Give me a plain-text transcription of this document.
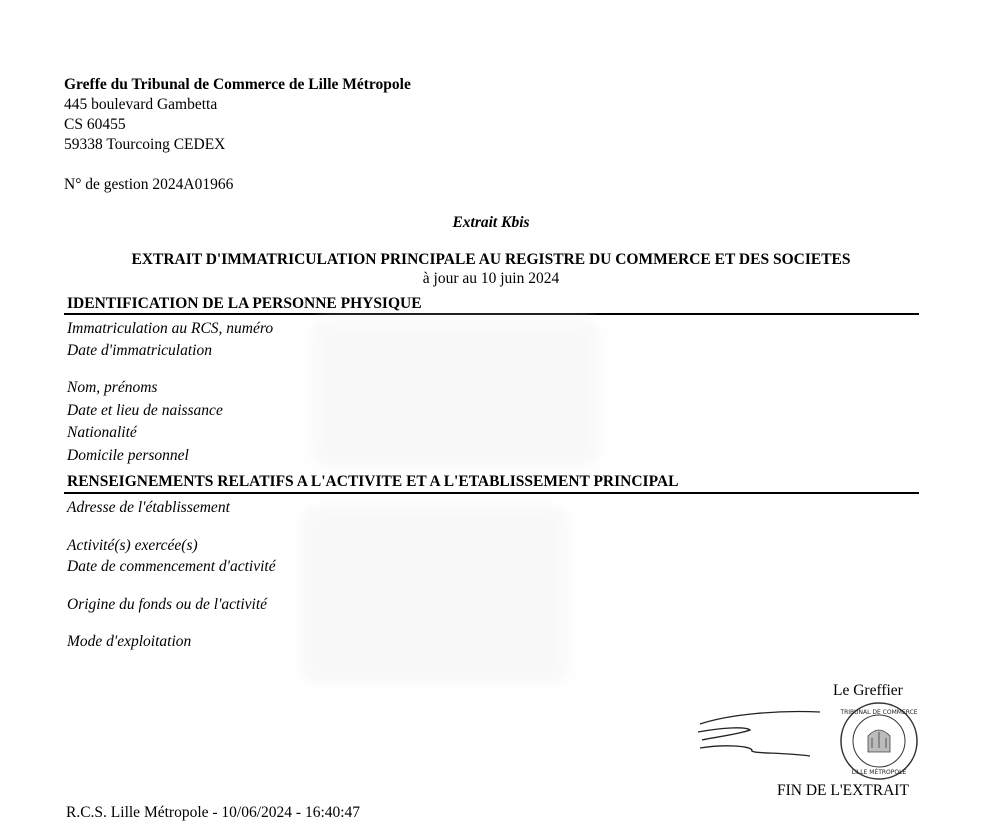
Greffe du Tribunal de Commerce de Lille Métropole
445 boulevard Gambetta
CS 60455
59338 Tourcoing CEDEX
N° de gestion 2024A01966
Extrait Kbis
EXTRAIT D'IMMATRICULATION PRINCIPALE AU REGISTRE DU COMMERCE ET DES SOCIETES
à jour au 10 juin 2024
IDENTIFICATION DE LA PERSONNE PHYSIQUE
Immatriculation au RCS, numéro
Date d'immatriculation
Nom, prénoms
Date et lieu de naissance
Nationalité
Domicile personnel
RENSEIGNEMENTS RELATIFS A L'ACTIVITE ET A L'ETABLISSEMENT PRINCIPAL
Adresse de l'établissement
Activité(s) exercée(s)
Date de commencement d'activité
Origine du fonds ou de l'activité
Mode d'exploitation
Le Greffier
TRIBUNAL DE COMMERCE
LILLE MÉTROPOLE
FIN DE L'EXTRAIT
R.C.S. Lille Métropole - 10/06/2024 - 16:40:47
